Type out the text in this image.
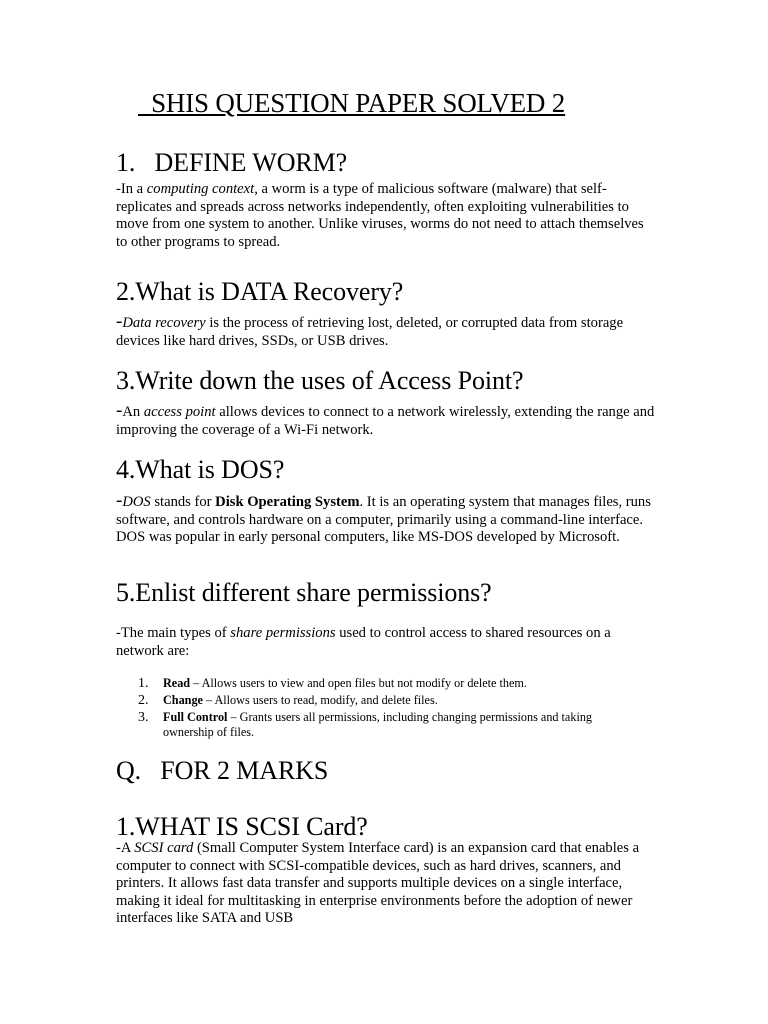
SHIS QUESTION PAPER SOLVED 2
1.   DEFINE WORM?
-In a computing context, a worm is a type of malicious software (malware) that self-replicates and spreads across networks independently, often exploiting vulnerabilities to move from one system to another. Unlike viruses, worms do not need to attach themselves to other programs to spread.
2.What is DATA Recovery?
-Data recovery is the process of retrieving lost, deleted, or corrupted data from storage devices like hard drives, SSDs, or USB drives.
3.Write down the uses of Access Point?
-An access point allows devices to connect to a network wirelessly, extending the range and improving the coverage of a Wi-Fi network.
4.What is DOS?
-DOS stands for Disk Operating System. It is an operating system that manages files, runs software, and controls hardware on a computer, primarily using a command-line interface. DOS was popular in early personal computers, like MS-DOS developed by Microsoft.
5.Enlist different share permissions?
-The main types of share permissions used to control access to shared resources on a network are:
1. Read – Allows users to view and open files but not modify or delete them.
2. Change – Allows users to read, modify, and delete files.
3. Full Control – Grants users all permissions, including changing permissions and taking ownership of files.
Q.   FOR 2 MARKS
1.WHAT IS SCSI Card?
-A SCSI card (Small Computer System Interface card) is an expansion card that enables a computer to connect with SCSI-compatible devices, such as hard drives, scanners, and printers. It allows fast data transfer and supports multiple devices on a single interface, making it ideal for multitasking in enterprise environments before the adoption of newer interfaces like SATA and USB
